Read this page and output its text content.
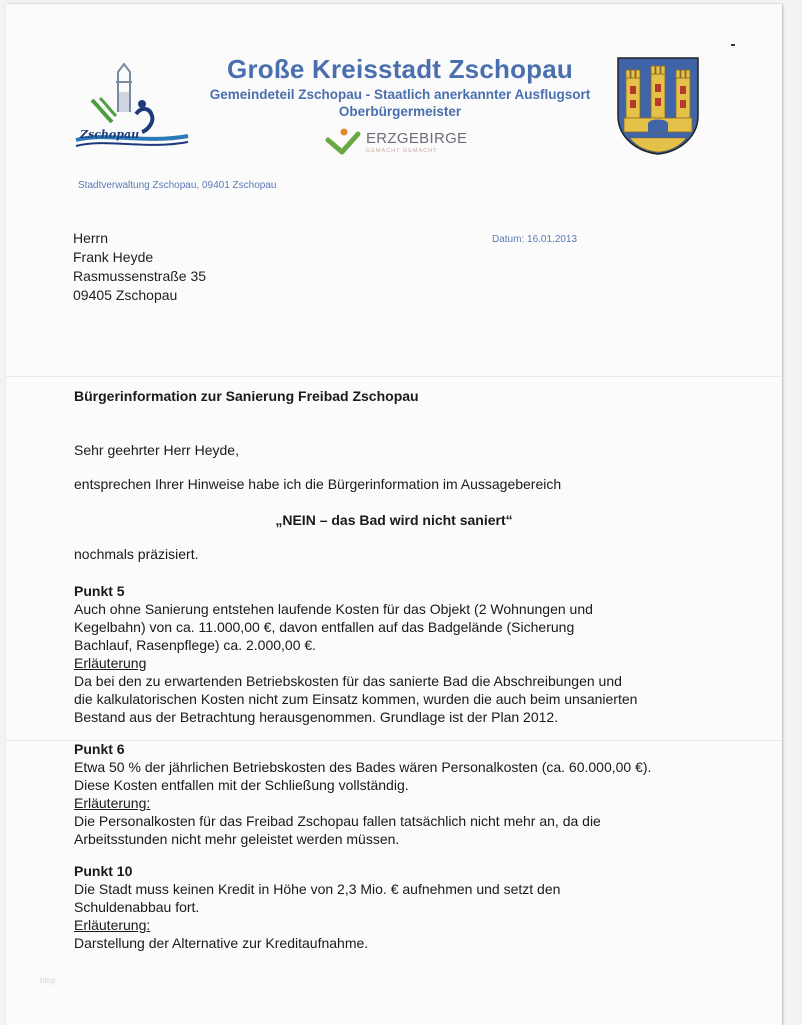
Zschopau
Große Kreisstadt Zschopau
Gemeindeteil Zschopau - Staatlich anerkannter Ausflugsort
Oberbürgermeister
ERZGEBIRGE
GEMACHT GEMACHT
Stadtverwaltung Zschopau, 09401 Zschopau
Herrn
Frank Heyde
Rasmussenstraße 35
09405 Zschopau
Datum: 16.01.2013
Bürgerinformation zur Sanierung Freibad Zschopau
Sehr geehrter Herr Heyde,
entsprechen Ihrer Hinweise habe ich die Bürgerinformation im Aussagebereich
„NEIN – das Bad wird nicht saniert“
nochmals präzisiert.
Punkt 5
Auch ohne Sanierung entstehen laufende Kosten für das Objekt (2 Wohnungen und
Kegelbahn) von ca. 11.000,00 €, davon entfallen auf das Badgelände (Sicherung
Bachlauf, Rasenpflege) ca. 2.000,00 €.
Erläuterung
Da bei den zu erwartenden Betriebskosten für das sanierte Bad die Abschreibungen und
die kalkulatorischen Kosten nicht zum Einsatz kommen, wurden die auch beim unsanierten
Bestand aus der Betrachtung herausgenommen. Grundlage ist der Plan 2012.
Punkt 6
Etwa 50 % der jährlichen Betriebskosten des Bades wären Personalkosten (ca. 60.000,00 €).
Diese Kosten entfallen mit der Schließung vollständig.
Erläuterung:
Die Personalkosten für das Freibad Zschopau fallen tatsächlich nicht mehr an, da die
Arbeitsstunden nicht mehr geleistet werden müssen.
Punkt 10
Die Stadt muss keinen Kredit in Höhe von 2,3 Mio. € aufnehmen und setzt den
Schuldenabbau fort.
Erläuterung:
Darstellung der Alternative zur Kreditaufnahme.
blog
